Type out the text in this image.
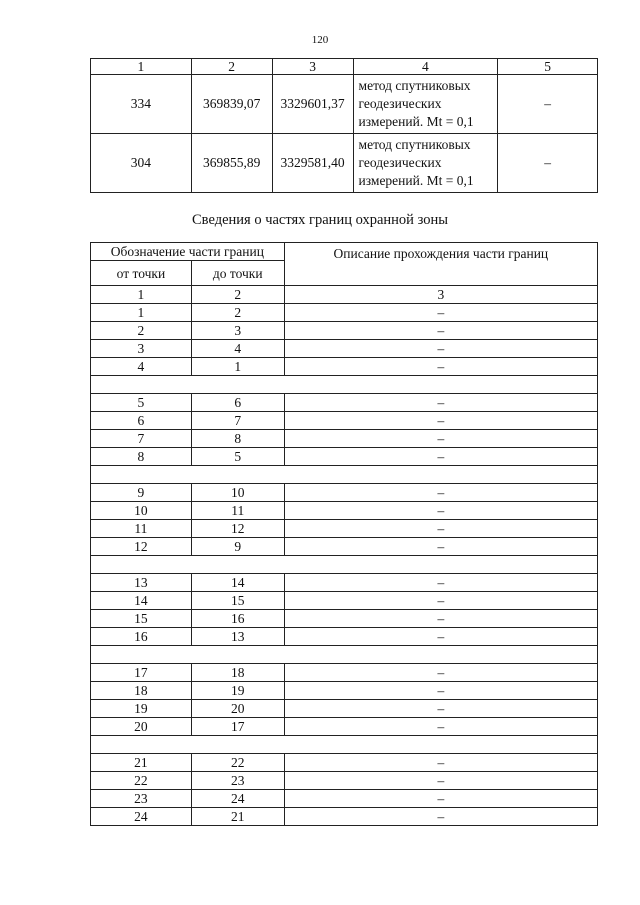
120
1	2	3	4	5
334	369839,07	3329601,37	метод спутниковых
геодезических
измерений. Mt = 0,1	–
304	369855,89	3329581,40	метод спутниковых
геодезических
измерений. Mt = 0,1	–
Сведения о частях границ охранной зоны
Обозначение части границ		Описание прохождения части границ
от точки	до точки	
1	2	3
1	2	–
2	3	–
3	4	–
4	1	–

5	6	–
6	7	–
7	8	–
8	5	–

9	10	–
10	11	–
11	12	–
12	9	–

13	14	–
14	15	–
15	16	–
16	13	–

17	18	–
18	19	–
19	20	–
20	17	–

21	22	–
22	23	–
23	24	–
24	21	–
